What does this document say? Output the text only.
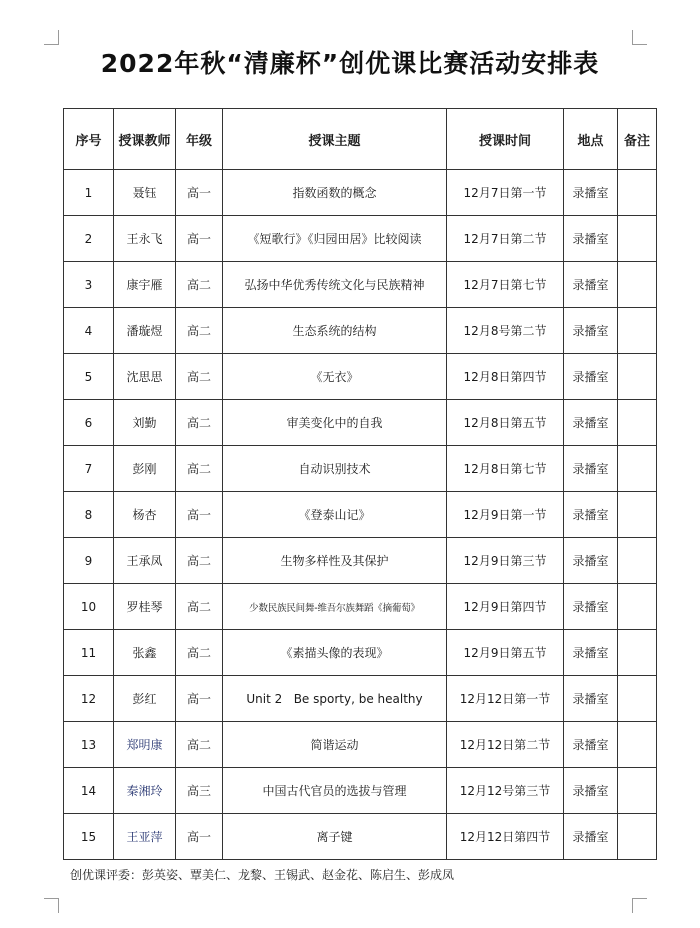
2022年秋“清廉杯”创优课比赛活动安排表
序号	授课教师	年级	授课主题	授课时间	地点	备注
1	聂钰	高一	指数函数的概念	12月7日第一节	录播室	
2	王永飞	高一	《短歌行》《归园田居》比较阅读	12月7日第二节	录播室	
3	康宇雁	高二	弘扬中华优秀传统文化与民族精神	12月7日第七节	录播室	
4	潘璇煜	高二	生态系统的结构	12月8号第二节	录播室	
5	沈思思	高二	《无衣》	12月8日第四节	录播室	
6	刘勤	高二	审美变化中的自我	12月8日第五节	录播室	
7	彭刚	高二	自动识别技术	12月8日第七节	录播室	
8	杨杏	高一	《登泰山记》	12月9日第一节	录播室	
9	王承凤	高二	生物多样性及其保护	12月9日第三节	录播室	
10	罗桂琴	高二	少数民族民间舞-维吾尔族舞蹈《摘葡萄》	12月9日第四节	录播室	
11	张鑫	高二	《素描头像的表现》	12月9日第五节	录播室	
12	彭红	高一	Unit 2   Be sporty, be healthy	12月12日第一节	录播室	
13	郑明康	高二	简谐运动	12月12日第二节	录播室	
14	秦湘玲	高三	中国古代官员的选拔与管理	12月12号第三节	录播室	
15	王亚萍	高一	离子键	12月12日第四节	录播室	
创优课评委：彭英姿、覃美仁、龙黎、王锡武、赵金花、陈启生、彭成凤
